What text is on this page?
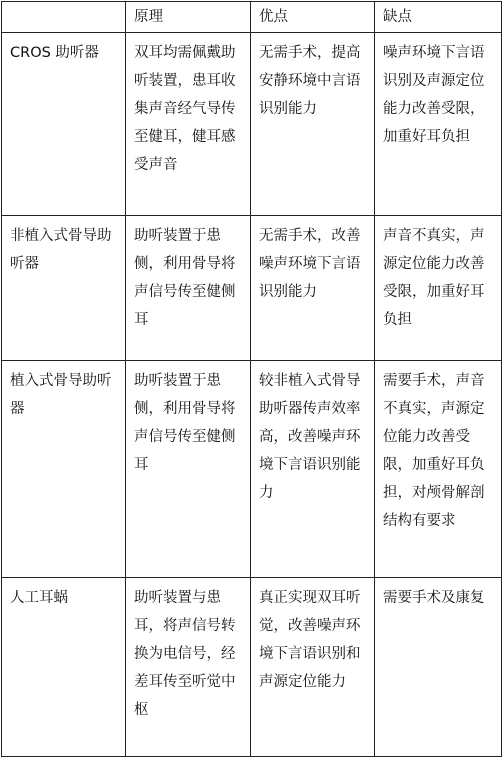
	原理	优点	缺点
CROS 助听器	双耳均需佩戴助听装置，患耳收集声音经气导传至健耳，健耳感受声音	无需手术，提高安静环境中言语识别能力	噪声环境下言语识别及声源定位能力改善受限，加重好耳负担
非植入式骨导助听器	助听装置于患侧，利用骨导将声信号传至健侧耳	无需手术，改善噪声环境下言语识别能力	声音不真实，声源定位能力改善受限，加重好耳负担
植入式骨导助听器	助听装置于患侧，利用骨导将声信号传至健侧耳	较非植入式骨导助听器传声效率高，改善噪声环境下言语识别能力	需要手术，声音不真实，声源定位能力改善受限，加重好耳负担，对颅骨解剖结构有要求
人工耳蜗	助听装置与患耳，将声信号转换为电信号，经差耳传至听觉中枢	真正实现双耳听觉，改善噪声环境下言语识别和声源定位能力	需要手术及康复
